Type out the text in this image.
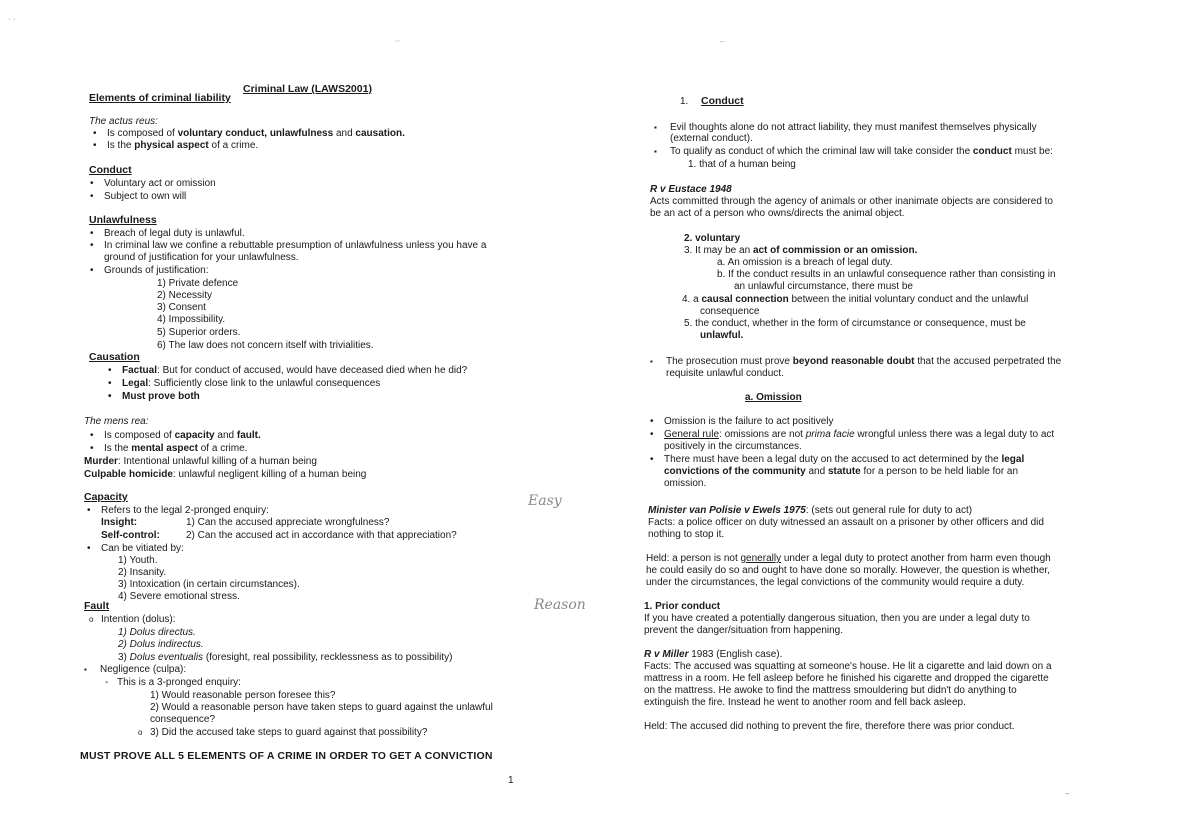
Criminal Law (LAWS2001)
Elements of criminal liability
The actus reus:
• Is composed of voluntary conduct, unlawfulness and causation.
• Is the physical aspect of a crime.
Conduct
• Voluntary act or omission
• Subject to own will
Unlawfulness
• Breach of legal duty is unlawful.
• In criminal law we confine a rebuttable presumption of unlawfulness unless you have a
ground of justification for your unlawfulness.
• Grounds of justification:
1) Private defence
2) Necessity
3) Consent
4) Impossibility.
5) Superior orders.
6) The law does not concern itself with trivialities.
Causation
• Factual: But for conduct of accused, would have deceased died when he did?
• Legal: Sufficiently close link to the unlawful consequences
• Must prove both
The mens rea:
• Is composed of capacity and fault.
• Is the mental aspect of a crime.
Murder: Intentional unlawful killing of a human being
Culpable homicide: unlawful negligent killing of a human being
Capacity
• Refers to the legal 2-pronged enquiry:
Insight:	1) Can the accused appreciate wrongfulness?
Self-control:	2) Can the accused act in accordance with that appreciation?
• Can be vitiated by:
1) Youth.
2) Insanity.
3) Intoxication (in certain circumstances).
4) Severe emotional stress.
Fault
o Intention (dolus):
1) Dolus directus.
2) Dolus indirectus.
3) Dolus eventualis (foresight, real possibility, recklessness as to possibility)
▪ Negligence (culpa):
- This is a 3-pronged enquiry:
1) Would reasonable person foresee this?
2) Would a reasonable person have taken steps to guard against the unlawful
consequence?
o 3) Did the accused take steps to guard against that possibility?
MUST PROVE ALL 5 ELEMENTS OF A CRIME IN ORDER TO GET A CONVICTION
1
Easy
Reason
⋅⋅
⋅ ⋅
1. Conduct
▪ Evil thoughts alone do not attract liability, they must manifest themselves physically
(external conduct).
▪ To qualify as conduct of which the criminal law will take consider the conduct must be:
1. that of a human being
R v Eustace 1948
Acts committed through the agency of animals or other inanimate objects are considered to
be an act of a person who owns/directs the animal object.
2. voluntary
3. It may be an act of commission or an omission.
a. An omission is a breach of legal duty.
b. If the conduct results in an unlawful consequence rather than consisting in
an unlawful circumstance, there must be
4. a causal connection between the initial voluntary conduct and the unlawful
consequence
5. the conduct, whether in the form of circumstance or consequence, must be
unlawful.
▪ The prosecution must prove beyond reasonable doubt that the accused perpetrated the
requisite unlawful conduct.
a. Omission
• Omission is the failure to act positively
• General rule: omissions are not prima facie wrongful unless there was a legal duty to act
positively in the circumstances.
• There must have been a legal duty on the accused to act determined by the legal
convictions of the community and statute for a person to be held liable for an
omission.
Minister van Polisie v Ewels 1975: (sets out general rule for duty to act)
Facts: a police officer on duty witnessed an assault on a prisoner by other officers and did
nothing to stop it.
Held: a person is not generally under a legal duty to protect another from harm even though
he could easily do so and ought to have done so morally. However, the question is whether,
under the circumstances, the legal convictions of the community would require a duty.
1. Prior conduct
If you have created a potentially dangerous situation, then you are under a legal duty to
prevent the danger/situation from happening.
R v Miller 1983 (English case).
Facts: The accused was squatting at someone's house. He lit a cigarette and laid down on a
mattress in a room. He fell asleep before he finished his cigarette and dropped the cigarette
on the mattress. He awoke to find the mattress smouldering but didn't do anything to
extinguish the fire. Instead he went to another room and fell back asleep.
Held: The accused did nothing to prevent the fire, therefore there was prior conduct.
-·
–
